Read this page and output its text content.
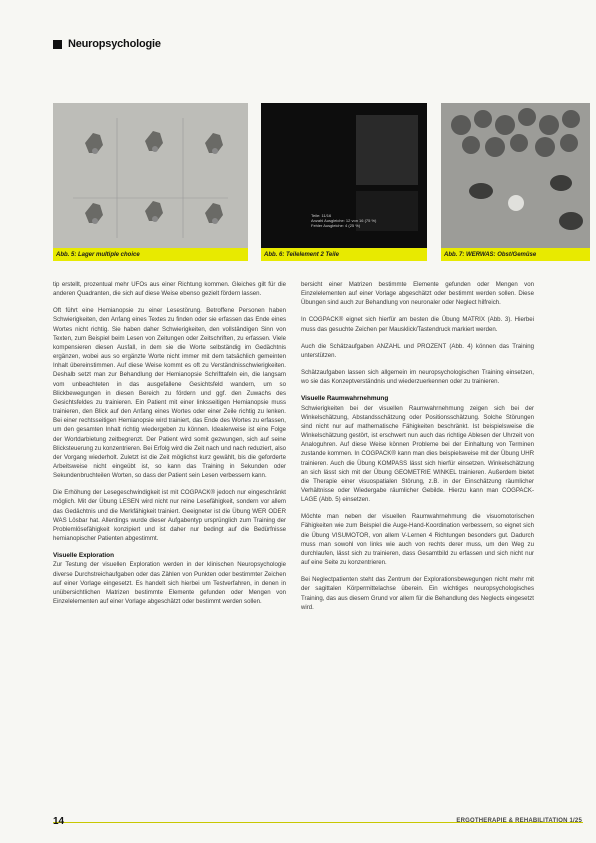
Neuropsychologie
Abb. 5: Lager multiple choice
Teile: 11/16
Anzahl Ausgleiche: 12 von 16 (75 %)
Fehler Ausgleiche: 4 (25 %)
Abb. 6: Teilelement 2 Teile	Abb. 7: WERWAS: Obst/Gemüse

tip erstellt, prozentual mehr UFOs aus einer Richtung kommen. Gleiches gilt für die anderen Quadranten, die sich auf diese Weise ebenso gezielt fördern lassen.

Oft führt eine Hemianopsie zu einer Lesestörung. Betroffene Personen haben Schwierigkeiten, den Anfang eines Textes zu finden oder sie erfassen das Ende eines Wortes nicht richtig. Sie haben daher Schwierigkeiten, den vollständigen Sinn von Texten, zum Beispiel beim Lesen von Zeitungen oder Zeitschriften, zu erfassen. Viele kompensieren diesen Ausfall, in dem sie die Worte selbständig im Gedächtnis ergänzen, wobei aus so ergänzte Worte nicht immer mit dem tatsächlich gemeinten Inhalt übereinstimmen. Auf diese Weise kommt es oft zu Verständnisschwierigkeiten. Deshalb setzt man zur Behandlung der Hemianopsie Schrifttafeln ein, die langsam vom unbeachteten in das ausgefallene Gesichtsfeld wandern, um so Blickbewegungen in diesen Bereich zu fördern und ggf. den Zuwachs des Gesichtsfeldes zu trainieren. Ein Patient mit einer linksseitigen Hemianopsie muss trainieren, den Blick auf den Anfang eines Wortes oder einer Zeile richtig zu lenken. Bei einer rechtsseitigen Hemianopsie wird trainiert, das Ende des Wortes zu erfassen, um den gesamten Inhalt richtig wiedergeben zu können. Idealerweise ist eine Folge der Wortdarbietung zeitbegrenzt. Der Patient wird somit gezwungen, sich auf seine Blicksteuerung zu konzentrieren. Bei Erfolg wird die Zeit nach und nach reduziert, also der Vorgang wiederholt. Zuletzt ist die Zeit möglichst kurz gewählt, bis die geforderte Arbeitsweise nicht eingeübt ist, so kann das Training in Sekunden oder Sekundenbruchteilen Worten, so dass der Patient sein Lesen verbessern kann.

Die Erhöhung der Lesegeschwindigkeit ist mit COGPACK® jedoch nur eingeschränkt möglich. Mit der Übung LESEN wird nicht nur reine Lesefähigkeit, sondern vor allem das Gedächtnis und die Merkfähigkeit trainiert. Geeigneter ist die Übung WER ODER WAS Lösbar hat. Allerdings wurde dieser Aufgabentyp ursprünglich zum Training der Problemlösefähigkeit konzipiert und ist daher nur bedingt auf die Bedürfnisse hemianopischer Patienten abgestimmt.

Visuelle Exploration

Zur Testung der visuellen Exploration werden in der klinischen Neuropsychologie diverse Durchstreichaufgaben oder das Zählen von Punkten oder bestimmter Zeichen auf einer Vorlage eingesetzt. Es handelt sich hierbei um Testverfahren, in denen in unübersichtlichen Matrizen bestimmte Elemente gefunden oder Mengen von Einzelelementen auf einer Vorlage abgeschätzt oder bestimmt werden sollen.

bersicht einer Matrizen bestimmte Elemente gefunden oder Mengen von Einzelelementen auf einer Vorlage abgeschätzt oder bestimmt werden sollen. Diese Übungen sind auch zur Behandlung von neuronaler oder Neglect hilfreich.

In COGPACK® eignet sich hierfür am besten die Übung MATRIX (Abb. 3). Hierbei muss das gesuchte Zeichen per Mausklick/Tastendruck markiert werden.

Auch die Schätzaufgaben ANZAHL und PROZENT (Abb. 4) können das Training unterstützen.

Schätzaufgaben lassen sich allgemein im neuropsychologischen Training einsetzen, wo sie das Konzeptverständnis und wiederzuerkennen oder zu trainieren.

Visuelle Raumwahrnehmung

Schwierigkeiten bei der visuellen Raumwahrnehmung zeigen sich bei der Winkelschätzung, Abstandsschätzung oder Positionsschätzung. Solche Störungen sind nicht nur auf mathematische Fähigkeiten beschränkt. Ist beispielsweise die Winkelschätzung gestört, ist erschwert nun auch das richtige Ablesen der Uhrzeit von Analoguhren. Auf diese Weise können Probleme bei der Einhaltung von Terminen zustande kommen. In COGPACK® kann man dies beispielsweise mit der Übung UHR trainieren. Auch die Übung KOMPASS lässt sich hierfür einsetzen. Winkelschätzung an sich lässt sich mit der Übung GEOMETRIE WINKEL trainieren. Außerdem bietet die Therapie einer visuospatialen Störung, z.B. in der Einschätzung räumlicher Verhältnisse oder Wiedergabe räumlicher Gebilde. Hierzu kann man COGPACK-LAGE (Abb. 5) einsetzen.

Möchte man neben der visuellen Raumwahrnehmung die visuomotorischen Fähigkeiten wie zum Beispiel die Auge-Hand-Koordination verbessern, so eignet sich die Übung VISUMOTOR, von allem V-Lernen 4 Richtungen besonders gut. Dadurch muss man sowohl von links wie auch von rechts derer muss, um den Weg zu durchlaufen, lässt sich zu trainieren, dass Gesamtbild zu erfassen und sich nicht nur auf eine Seite zu konzentrieren.

Bei Neglectpatienten steht das Zentrum der Explorationsbewegungen nicht mehr mit der sagittalen Körpermittelachse überein. Ein wichtiges neuropsychologisches Training, das aus diesem Grund vor allem für die Behandlung des Neglects eingesetzt wird.

14	ERGOTHERAPIE & REHABILITATION 1/25
